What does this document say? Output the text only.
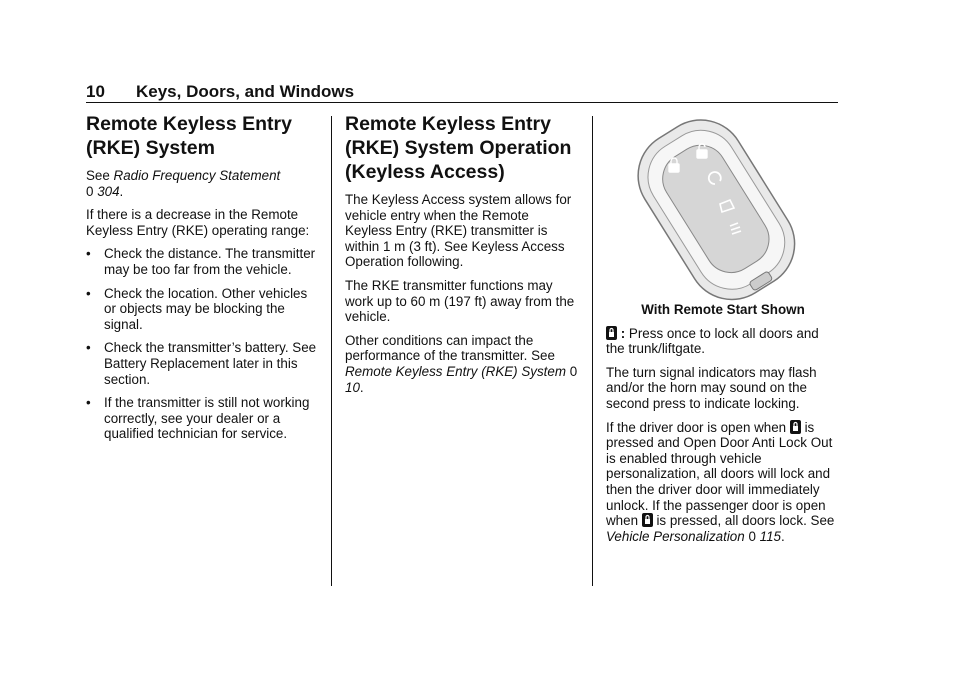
10 Keys, Doors, and Windows
Remote Keyless Entry (RKE) System

See Radio Frequency Statement
0 304.

If there is a decrease in the Remote Keyless Entry (RKE) operating range:

• Check the distance. The transmitter may be too far from the vehicle.
• Check the location. Other vehicles or objects may be blocking the signal.
• Check the transmitter’s battery. See Battery Replacement later in this section.
• If the transmitter is still not working correctly, see your dealer or a qualified technician for service.
Remote Keyless Entry (RKE) System Operation (Keyless Access)

The Keyless Access system allows for vehicle entry when the Remote Keyless Entry (RKE) transmitter is within 1 m (3 ft). See Keyless Access Operation following.

The RKE transmitter functions may work up to 60 m (197 ft) away from the vehicle.

Other conditions can impact the performance of the transmitter. See Remote Keyless Entry (RKE) System 0 10.

With Remote Start Shown

: Press once to lock all doors and the trunk/liftgate.

The turn signal indicators may flash and/or the horn may sound on the second press to indicate locking.

If the driver door is open when  is pressed and Open Door Anti Lock Out is enabled through vehicle personalization, all doors will lock and then the driver door will immediately unlock. If the passenger door is open when  is pressed, all doors lock. See Vehicle Personalization 0 115.
